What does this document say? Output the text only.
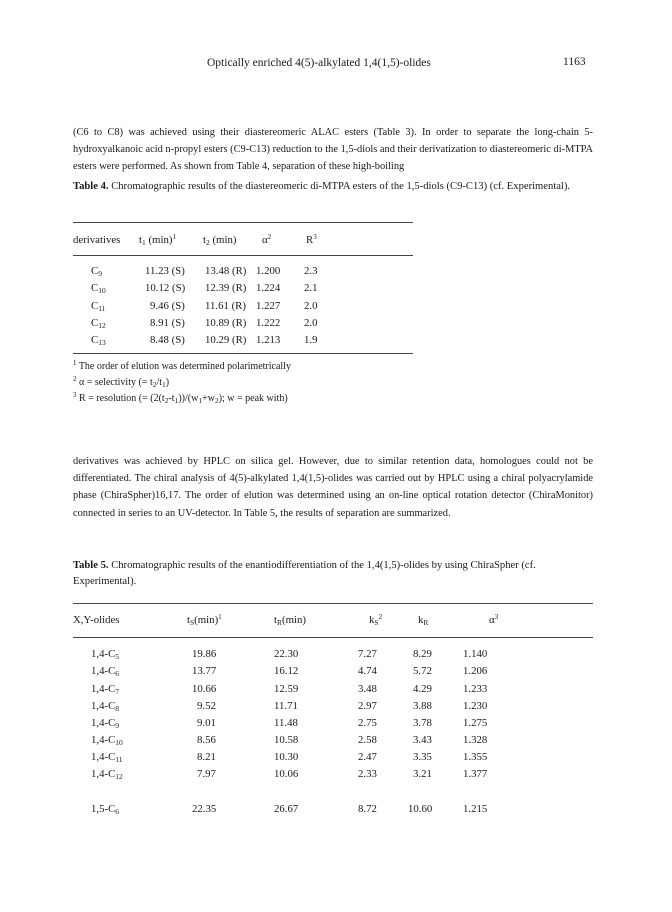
Optically enriched 4(5)-alkylated 1,4(1,5)-olides	1163
(C6 to C8) was achieved using their diastereomeric ALAC esters (Table 3). In order to separate the long-chain 5-hydroxyalkanoic acid n-propyl esters (C9-C13) reduction to the 1,5-diols and their derivatization to diastereomeric di-MTPA esters were performed. As shown from Table 4, separation of these high-boiling
Table 4. Chromatographic results of the diastereomeric di-MTPA esters of the 1,5-diols (C9-C13) (cf. Experimental).
derivatives $t_1$ $(\min)^1$	$t_2$ (min) $\alpha^2$	$R^3$
$C_9$	11.23 (S) 13.48 (R) 1.200 2.3
$C_{10}$	10.12 (S) 12.39 (R) 1.224 2.1
$C_{11}$	9.46 (S) 11.61 (R) 1.227 2.0
$C_{12}$	8.91 (S) 10.89 (R) 1.222 2.0
$C_{13}$	8.48 (S) 10.29 (R) 1.213 1.9
$^1$ The order of elution was determined polarimetrically
$^2$ α = selectivity (= $t_2/t_1$)
$^3$ R = resolution (= $(2(t_2-t_1))/(w_1+w_2)$; w = peak with)
derivatives was achieved by HPLC on silica gel. However, due to similar retention data, homologues could not be differentiated. The chiral analysis of 4(5)-alkylated 1,4(1,5)-olides was carried out by HPLC using a chiral polyacrylamide phase (ChiraSpher)16,17. The order of elution was determined using an on-line optical rotation detector (ChiraMonitor) connected in series to an UV-detector. In Table 5, the results of separation are summarized.
Table 5. Chromatographic results of the enantiodifferentiation of the 1,4(1,5)-olides by using ChiraSpher (cf. Experimental).
X,Y-olides	$t_S(\min)^1$	$t_R(\min)$	$k_S^2$	$k_R$	$\alpha^3$
$1,4-C_5$	19.86	22.30	7.27	8.29	1.140
$1,4-C_6$	13.77	16.12	4.74	5.72	1.206
$1,4-C_7$	10.66	12.59	3.48	4.29	1.233
$1,4-C_8$	9.52	11.71	2.97	3.88	1.230
$1,4-C_9$	9.01	11.48	2.75	3.78	1.275
$1,4-C_{10}$	8.56	10.58	2.58	3.43	1.328
$1,4-C_{11}$	8.21	10.30	2.47	3.35	1.355
$1,4-C_{12}$	7.97	10.06	2.33	3.21	1.377
$1,5-C_6$	22.35	26.67	8.72	10.60	1.215
